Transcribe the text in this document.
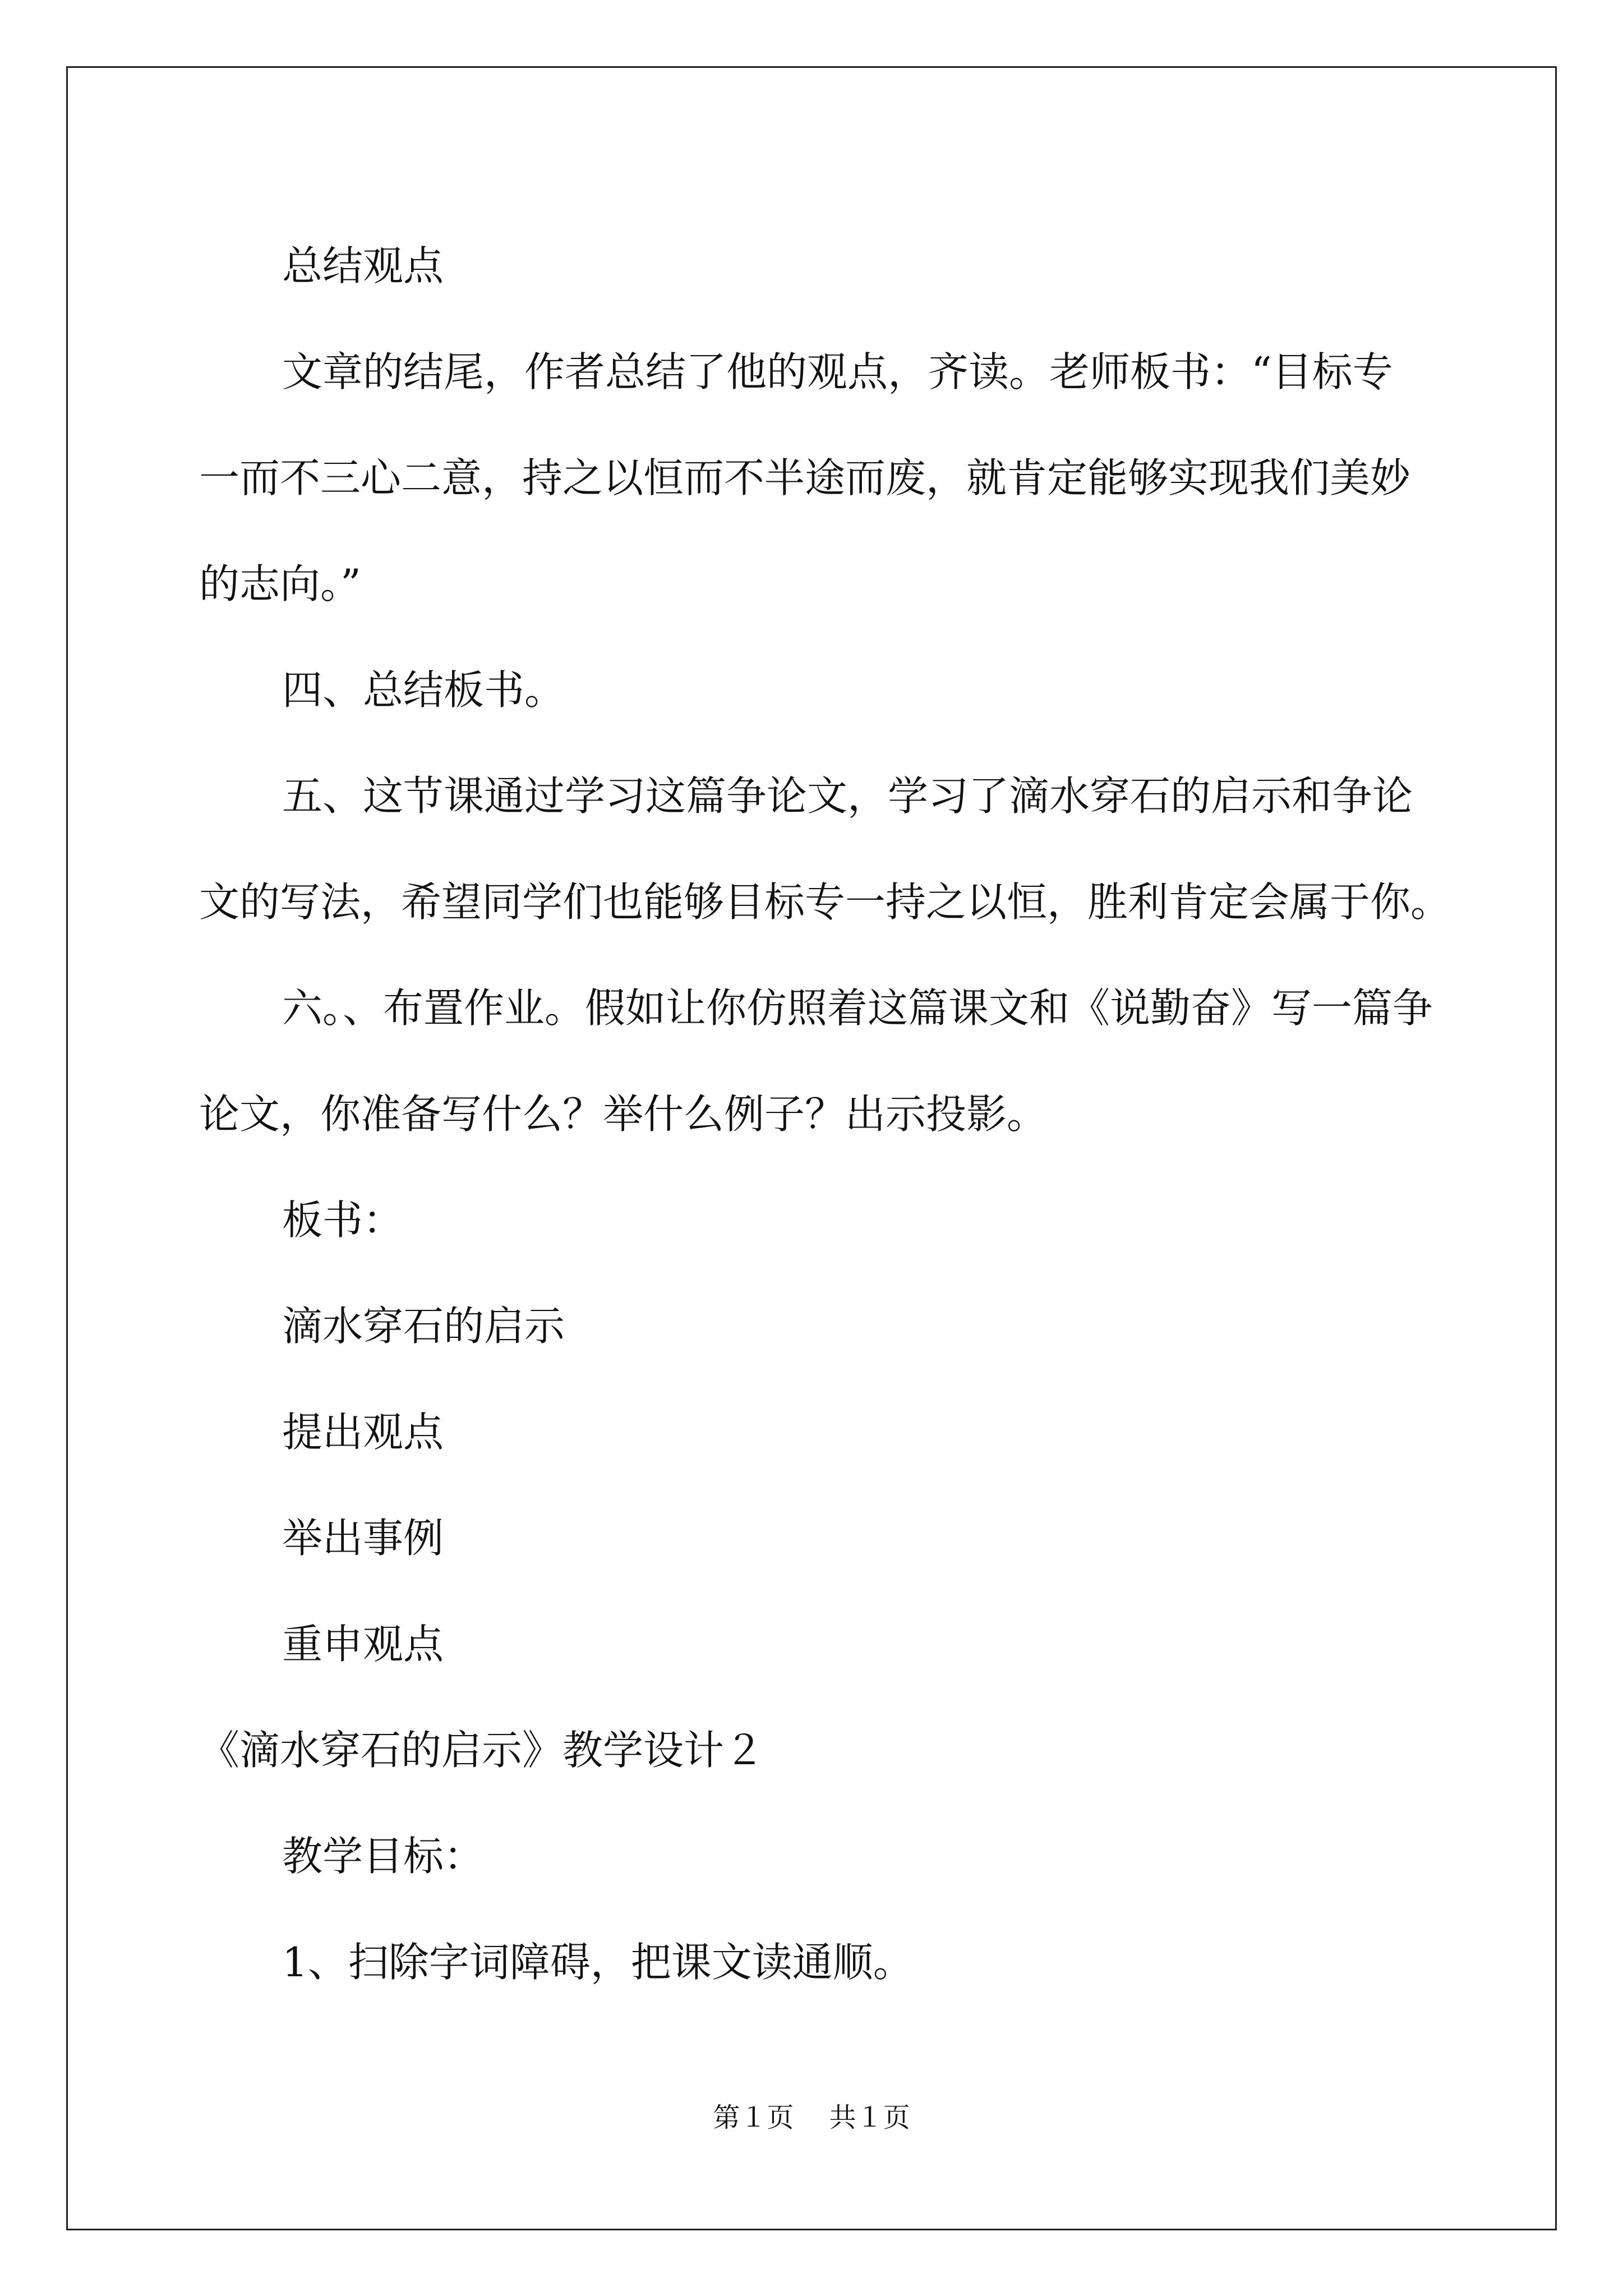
总结观点

文章的结尾，作者总结了他的观点，齐读。老师板书：“目标专

一而不三心二意，持之以恒而不半途而废，就肯定能够实现我们美妙

的志向。”

四、总结板书。

五、这节课通过学习这篇争论文，学习了滴水穿石的启示和争论

文的写法，希望同学们也能够目标专一持之以恒，胜利肯定会属于你。

六。、布置作业。假如让你仿照着这篇课文和《说勤奋》写一篇争

论文，你准备写什么？举什么例子？出示投影。

板书：

滴水穿石的启示

提出观点

举出事例

重申观点

《滴水穿石的启示》教学设计２

教学目标：

1、扫除字词障碍，把课文读通顺。

第１页 共１页
